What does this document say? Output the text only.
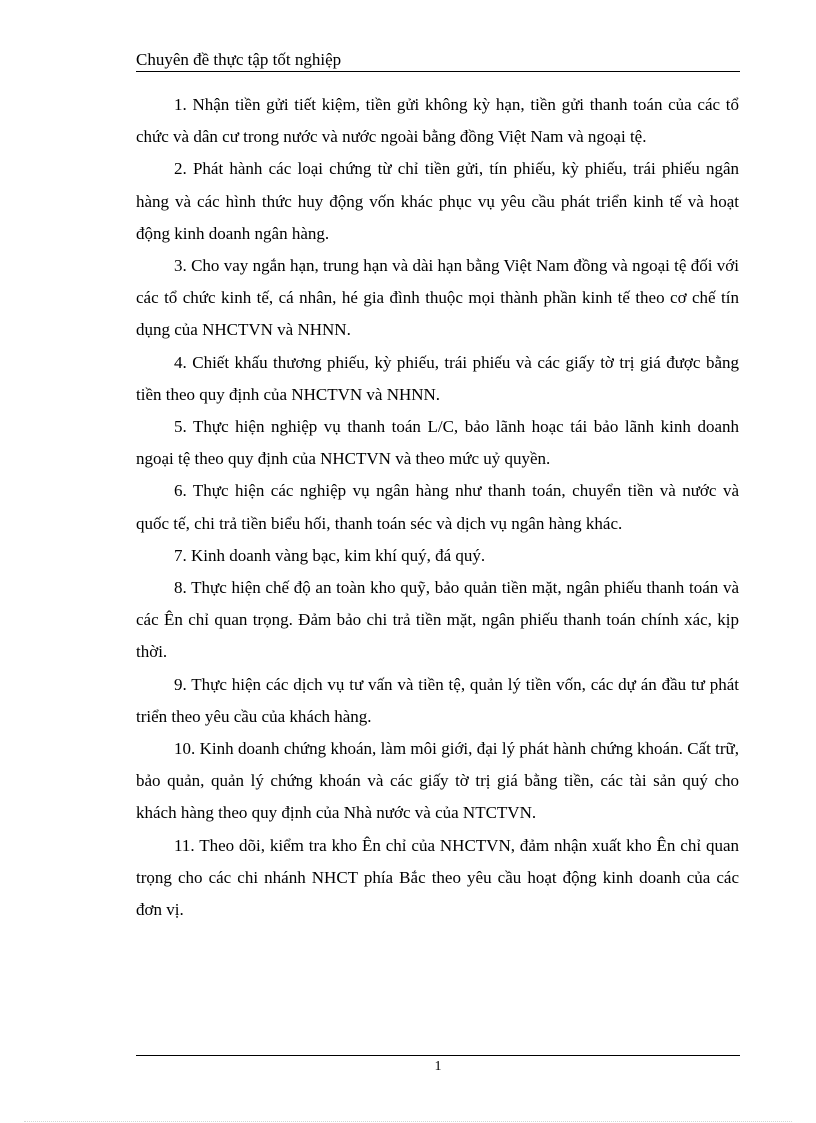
Chuyên đề thực tập tốt nghiệp

1. Nhận tiền gửi tiết kiệm, tiền gửi không kỳ hạn, tiền gửi thanh toán của các tổ chức và dân cư trong nước và nước ngoài bằng đồng Việt Nam và ngoại tệ.

2. Phát hành các loại chứng từ chỉ tiền gửi, tín phiếu, kỳ phiếu, trái phiếu ngân hàng và các hình thức huy động vốn khác phục vụ yêu cầu phát triển kinh tế và hoạt động kinh doanh ngân hàng.

3. Cho vay ngắn hạn, trung hạn và dài hạn bằng Việt Nam đồng và ngoại tệ đối với các tổ chức kinh tế, cá nhân, hé gia đình thuộc mọi thành phần kinh tế theo cơ chế tín dụng của NHCTVN và NHNN.

4. Chiết khấu thương phiếu, kỳ phiếu, trái phiếu và các giấy tờ trị giá được bằng tiền theo quy định của NHCTVN và NHNN.

5. Thực hiện nghiệp vụ thanh toán L/C, bảo lãnh hoạc tái bảo lãnh kinh doanh ngoại tệ theo quy định của NHCTVN và theo mức uỷ quyền.

6. Thực hiện các nghiệp vụ ngân hàng như thanh toán, chuyển tiền và nước và quốc tế, chi trả tiền biểu hối, thanh toán séc và dịch vụ ngân hàng khác.

7. Kinh doanh vàng bạc, kim khí quý, đá quý.

8. Thực hiện chế độ an toàn kho quỹ, bảo quản tiền mặt, ngân phiếu thanh toán và các Ên chỉ quan trọng. Đảm bảo chi trả tiền mặt, ngân phiếu thanh toán chính xác, kịp thời.

9. Thực hiện các dịch vụ tư vấn và tiền tệ, quản lý tiền vốn, các dự án đầu tư phát triển theo yêu cầu của khách hàng.

10. Kinh doanh chứng khoán, làm môi giới, đại lý phát hành chứng khoán. Cất trữ, bảo quản, quản lý chứng khoán và các giấy tờ trị giá bằng tiền, các tài sản quý cho khách hàng theo quy định của Nhà nước và của NTCTVN.

11. Theo dõi, kiểm tra kho Ên chỉ của NHCTVN, đảm nhận xuất kho Ên chỉ quan trọng cho các chi nhánh NHCT phía Bắc theo yêu cầu hoạt động kinh doanh của các đơn vị.

1
